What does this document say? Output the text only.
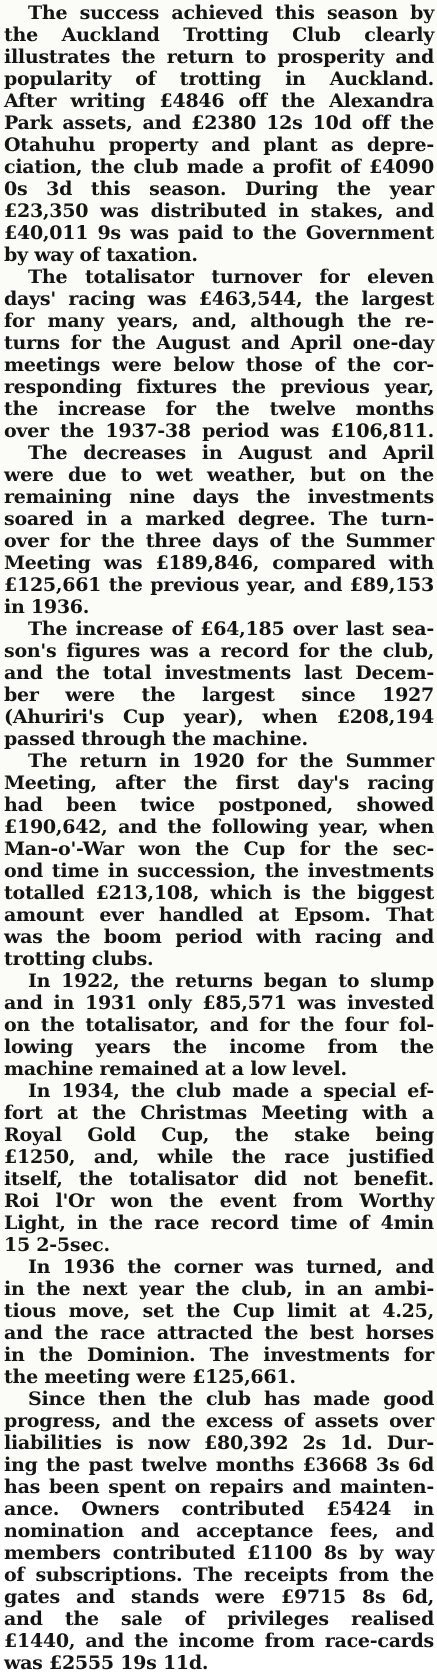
The success achieved this season by
the Auckland Trotting Club clearly
illustrates the return to prosperity and
popularity of trotting in Auckland.
After writing £4846 off the Alexandra
Park assets, and £2380 12s 10d off the
Otahuhu property and plant as depre-
ciation, the club made a profit of £4090
0s 3d this season. During the year
£23,350 was distributed in stakes, and
£40,011 9s was paid to the Government
by way of taxation.

The totalisator turnover for eleven
days' racing was £463,544, the largest
for many years, and, although the re-
turns for the August and April one-day
meetings were below those of the cor-
responding fixtures the previous year,
the increase for the twelve months
over the 1937-38 period was £106,811.

The decreases in August and April
were due to wet weather, but on the
remaining nine days the investments
soared in a marked degree. The turn-
over for the three days of the Summer
Meeting was £189,846, compared with
£125,661 the previous year, and £89,153
in 1936.

The increase of £64,185 over last sea-
son's figures was a record for the club,
and the total investments last Decem-
ber were the largest since 1927
(Ahuriri's Cup year), when £208,194
passed through the machine.

The return in 1920 for the Summer
Meeting, after the first day's racing
had been twice postponed, showed
£190,642, and the following year, when
Man-o'-War won the Cup for the sec-
ond time in succession, the investments
totalled £213,108, which is the biggest
amount ever handled at Epsom. That
was the boom period with racing and
trotting clubs.

In 1922, the returns began to slump
and in 1931 only £85,571 was invested
on the totalisator, and for the four fol-
lowing years the income from the
machine remained at a low level.

In 1934, the club made a special ef-
fort at the Christmas Meeting with a
Royal Gold Cup, the stake being
£1250, and, while the race justified
itself, the totalisator did not benefit.
Roi l'Or won the event from Worthy
Light, in the race record time of 4min
15 2-5sec.

In 1936 the corner was turned, and
in the next year the club, in an ambi-
tious move, set the Cup limit at 4.25,
and the race attracted the best horses
in the Dominion. The investments for
the meeting were £125,661.

Since then the club has made good
progress, and the excess of assets over
liabilities is now £80,392 2s 1d. Dur-
ing the past twelve months £3668 3s 6d
has been spent on repairs and mainten-
ance. Owners contributed £5424 in
nomination and acceptance fees, and
members contributed £1100 8s by way
of subscriptions. The receipts from the
gates and stands were £9715 8s 6d,
and the sale of privileges realised
£1440, and the income from race-cards
was £2555 19s 11d.
